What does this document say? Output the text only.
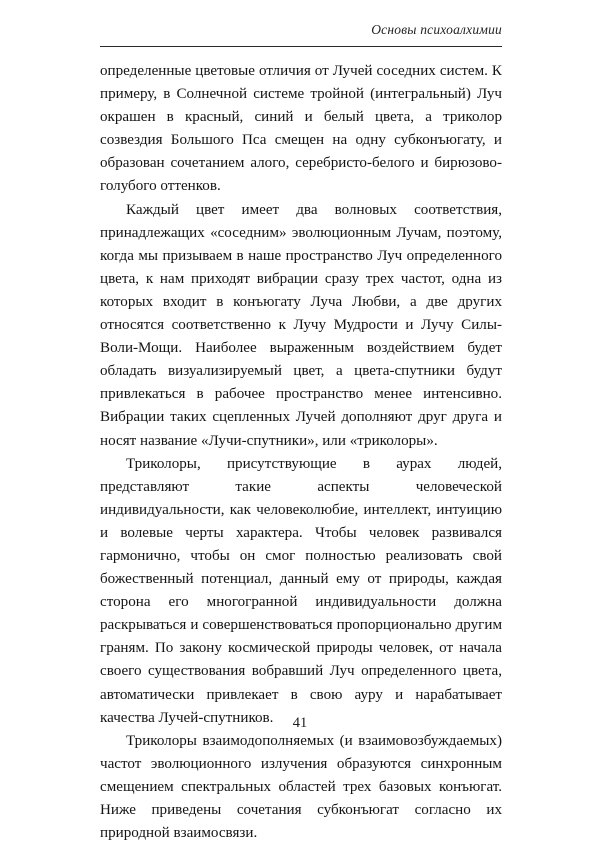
Основы психоалхимии

определенные цветовые отличия от Лучей соседних систем. К примеру, в Солнечной системе тройной (интегральный) Луч окрашен в красный, синий и белый цвета, а триколор созвездия Большого Пса смещен на одну субконъюгату, и образован сочетанием алого, серебристо-белого и бирюзово-голубого оттенков.

Каждый цвет имеет два волновых соответствия, принадлежащих «соседним» эволюционным Лучам, поэтому, когда мы призываем в наше пространство Луч определенного цвета, к нам приходят вибрации сразу трех частот, одна из которых входит в конъюгату Луча Любви, а две других относятся соответственно к Лучу Мудрости и Лучу Силы-Воли-Мощи. Наиболее выраженным воздействием будет обладать визуализируемый цвет, а цвета-спутники будут привлекаться в рабочее пространство менее интенсивно. Вибрации таких сцепленных Лучей дополняют друг друга и носят название «Лучи-спутники», или «триколоры».

Триколоры, присутствующие в аурах людей, представляют такие аспекты человеческой индивидуальности, как человеколюбие, интеллект, интуицию и волевые черты характера. Чтобы человек развивался гармонично, чтобы он смог полностью реализовать свой божественный потенциал, данный ему от природы, каждая сторона его многогранной индивидуальности должна раскрываться и совершенствоваться пропорционально другим граням. По закону космической природы человек, от начала своего существования вобравший Луч определенного цвета, автоматически привлекает в свою ауру и нарабатывает качества Лучей-спутников.

Триколоры взаимодополняемых (и взаимовозбуждаемых) частот эволюционного излучения образуются синхронным смещением спектральных областей трех базовых конъюгат. Ниже приведены сочетания субконъюгат согласно их природной взаимосвязи.

41
